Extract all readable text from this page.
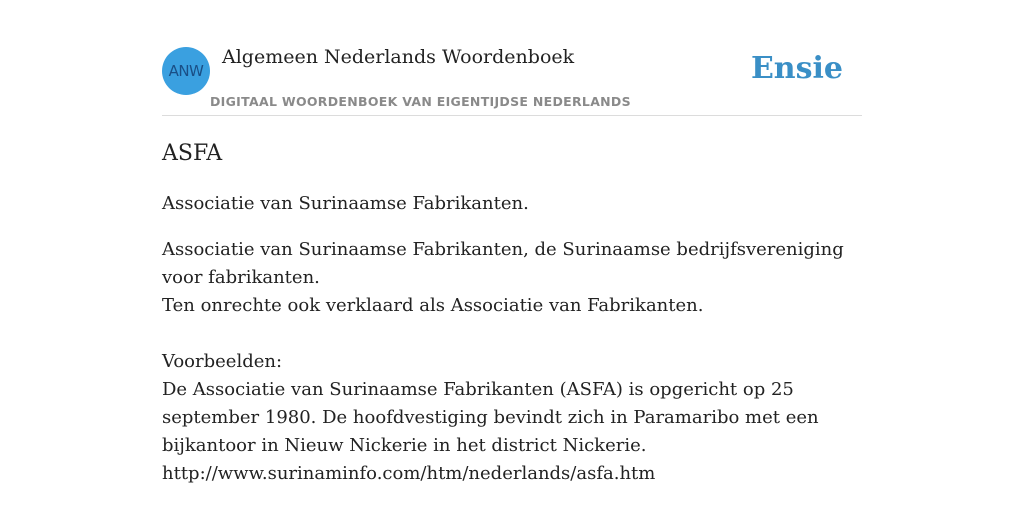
ANW
Algemeen Nederlands Woordenboek
DIGITAAL WOORDENBOEK VAN EIGENTIJDSE NEDERLANDS
Ensie
ASFA

Associatie van Surinaamse Fabrikanten.

Associatie van Surinaamse Fabrikanten, de Surinaamse bedrijfsvereniging voor fabrikanten.
Ten onrechte ook verklaard als Associatie van Fabrikanten.
Voorbeelden:
De Associatie van Surinaamse Fabrikanten (ASFA) is opgericht op 25 september 1980. De hoofdvestiging bevindt zich in Paramaribo met een bijkantoor in Nieuw Nickerie in het district Nickerie.
http://www.surinaminfo.com/htm/nederlands/asfa.htm
